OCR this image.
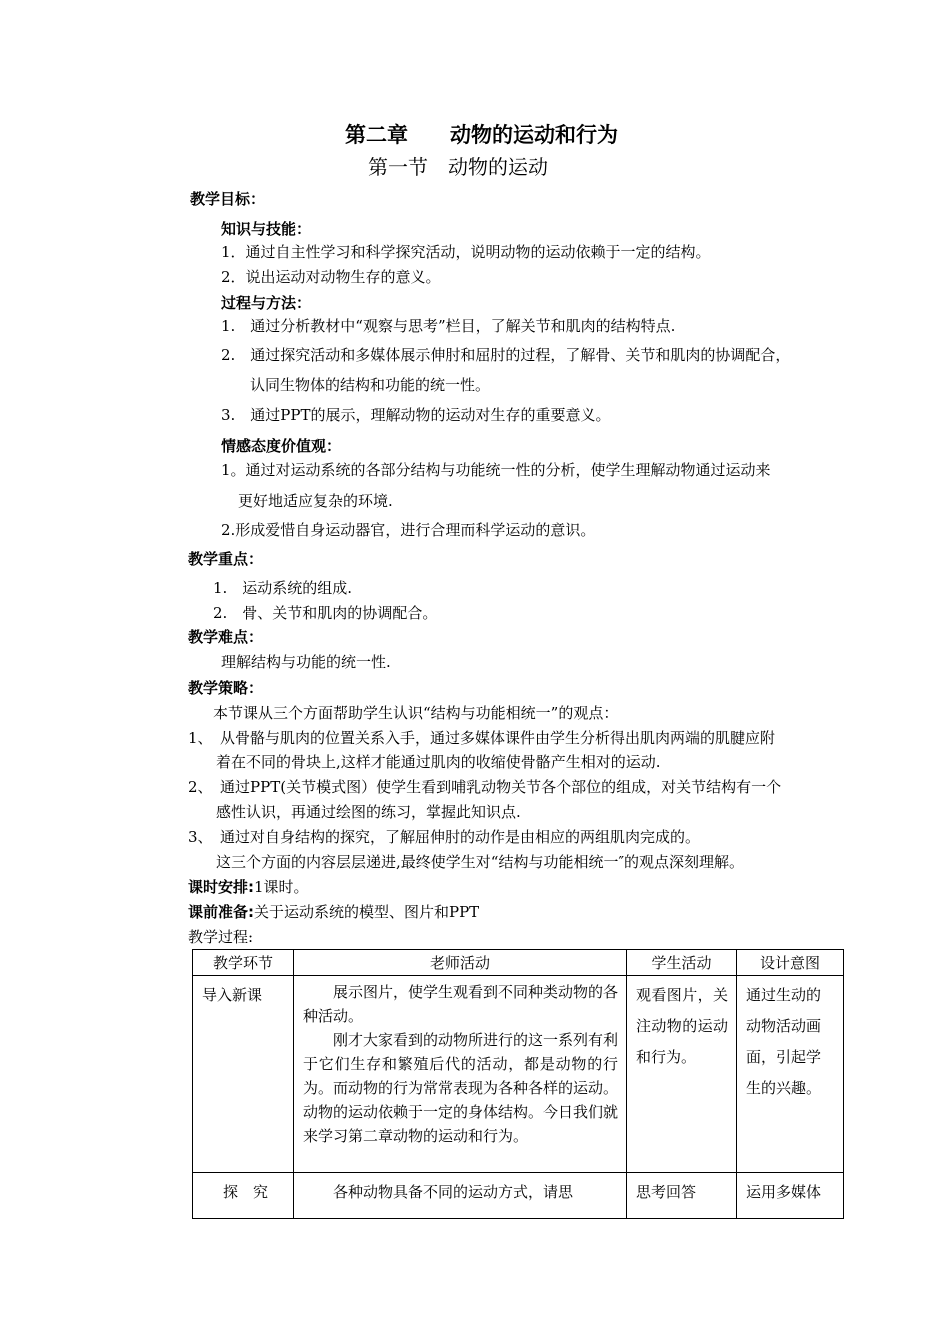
第二章　　动物的运动和行为
第一节　动物的运动
教学目标：
知识与技能：
1．通过自主性学习和科学探究活动，说明动物的运动依赖于一定的结构。
2．说出运动对动物生存的意义。
过程与方法：
1.　通过分析教材中“观察与思考”栏目，了解关节和肌肉的结构特点.
2.　通过探究活动和多媒体展示伸肘和屈肘的过程，了解骨、关节和肌肉的协调配合，
认同生物体的结构和功能的统一性。
3.　通过PPT的展示，理解动物的运动对生存的重要意义。
情感态度价值观：
1。通过对运动系统的各部分结构与功能统一性的分析，使学生理解动物通过运动来
更好地适应复杂的环境.
2.形成爱惜自身运动器官，进行合理而科学运动的意识。
教学重点：
1.　运动系统的组成.
2.　骨、关节和肌肉的协调配合。
教学难点：
理解结构与功能的统一性.
教学策略：
本节课从三个方面帮助学生认识“结构与功能相统一”的观点：
1、　从骨骼与肌肉的位置关系入手，通过多媒体课件由学生分析得出肌肉两端的肌腱应附
着在不同的骨块上,这样才能通过肌肉的收缩使骨骼产生相对的运动.
2、　通过PPT(关节模式图）使学生看到哺乳动物关节各个部位的组成，对关节结构有一个
感性认识，再通过绘图的练习，掌握此知识点.
3、　通过对自身结构的探究，了解屈伸肘的动作是由相应的两组肌肉完成的。
这三个方面的内容层层递进,最终使学生对“结构与功能相统一″的观点深刻理解。
课时安排:1课时。
课前准备:关于运动系统的模型、图片和PPT
教学过程:
教学环节	老师活动	学生活动	设计意图

导入新课	展示图片，使学生观看到不同种类动物的各种活动。
刚才大家看到的动物所进行的这一系列有利于它们生存和繁殖后代的活动，都是动物的行为。而动物的行为常常表现为各种各样的运动。动物的运动依赖于一定的身体结构。今日我们就来学习第二章动物的运动和行为。	观看图片，关注动物的运动和行为。	通过生动的动物活动画面，引起学生的兴趣。

探　究	各种动物具备不同的运动方式，请思	思考回答	运用多媒体
